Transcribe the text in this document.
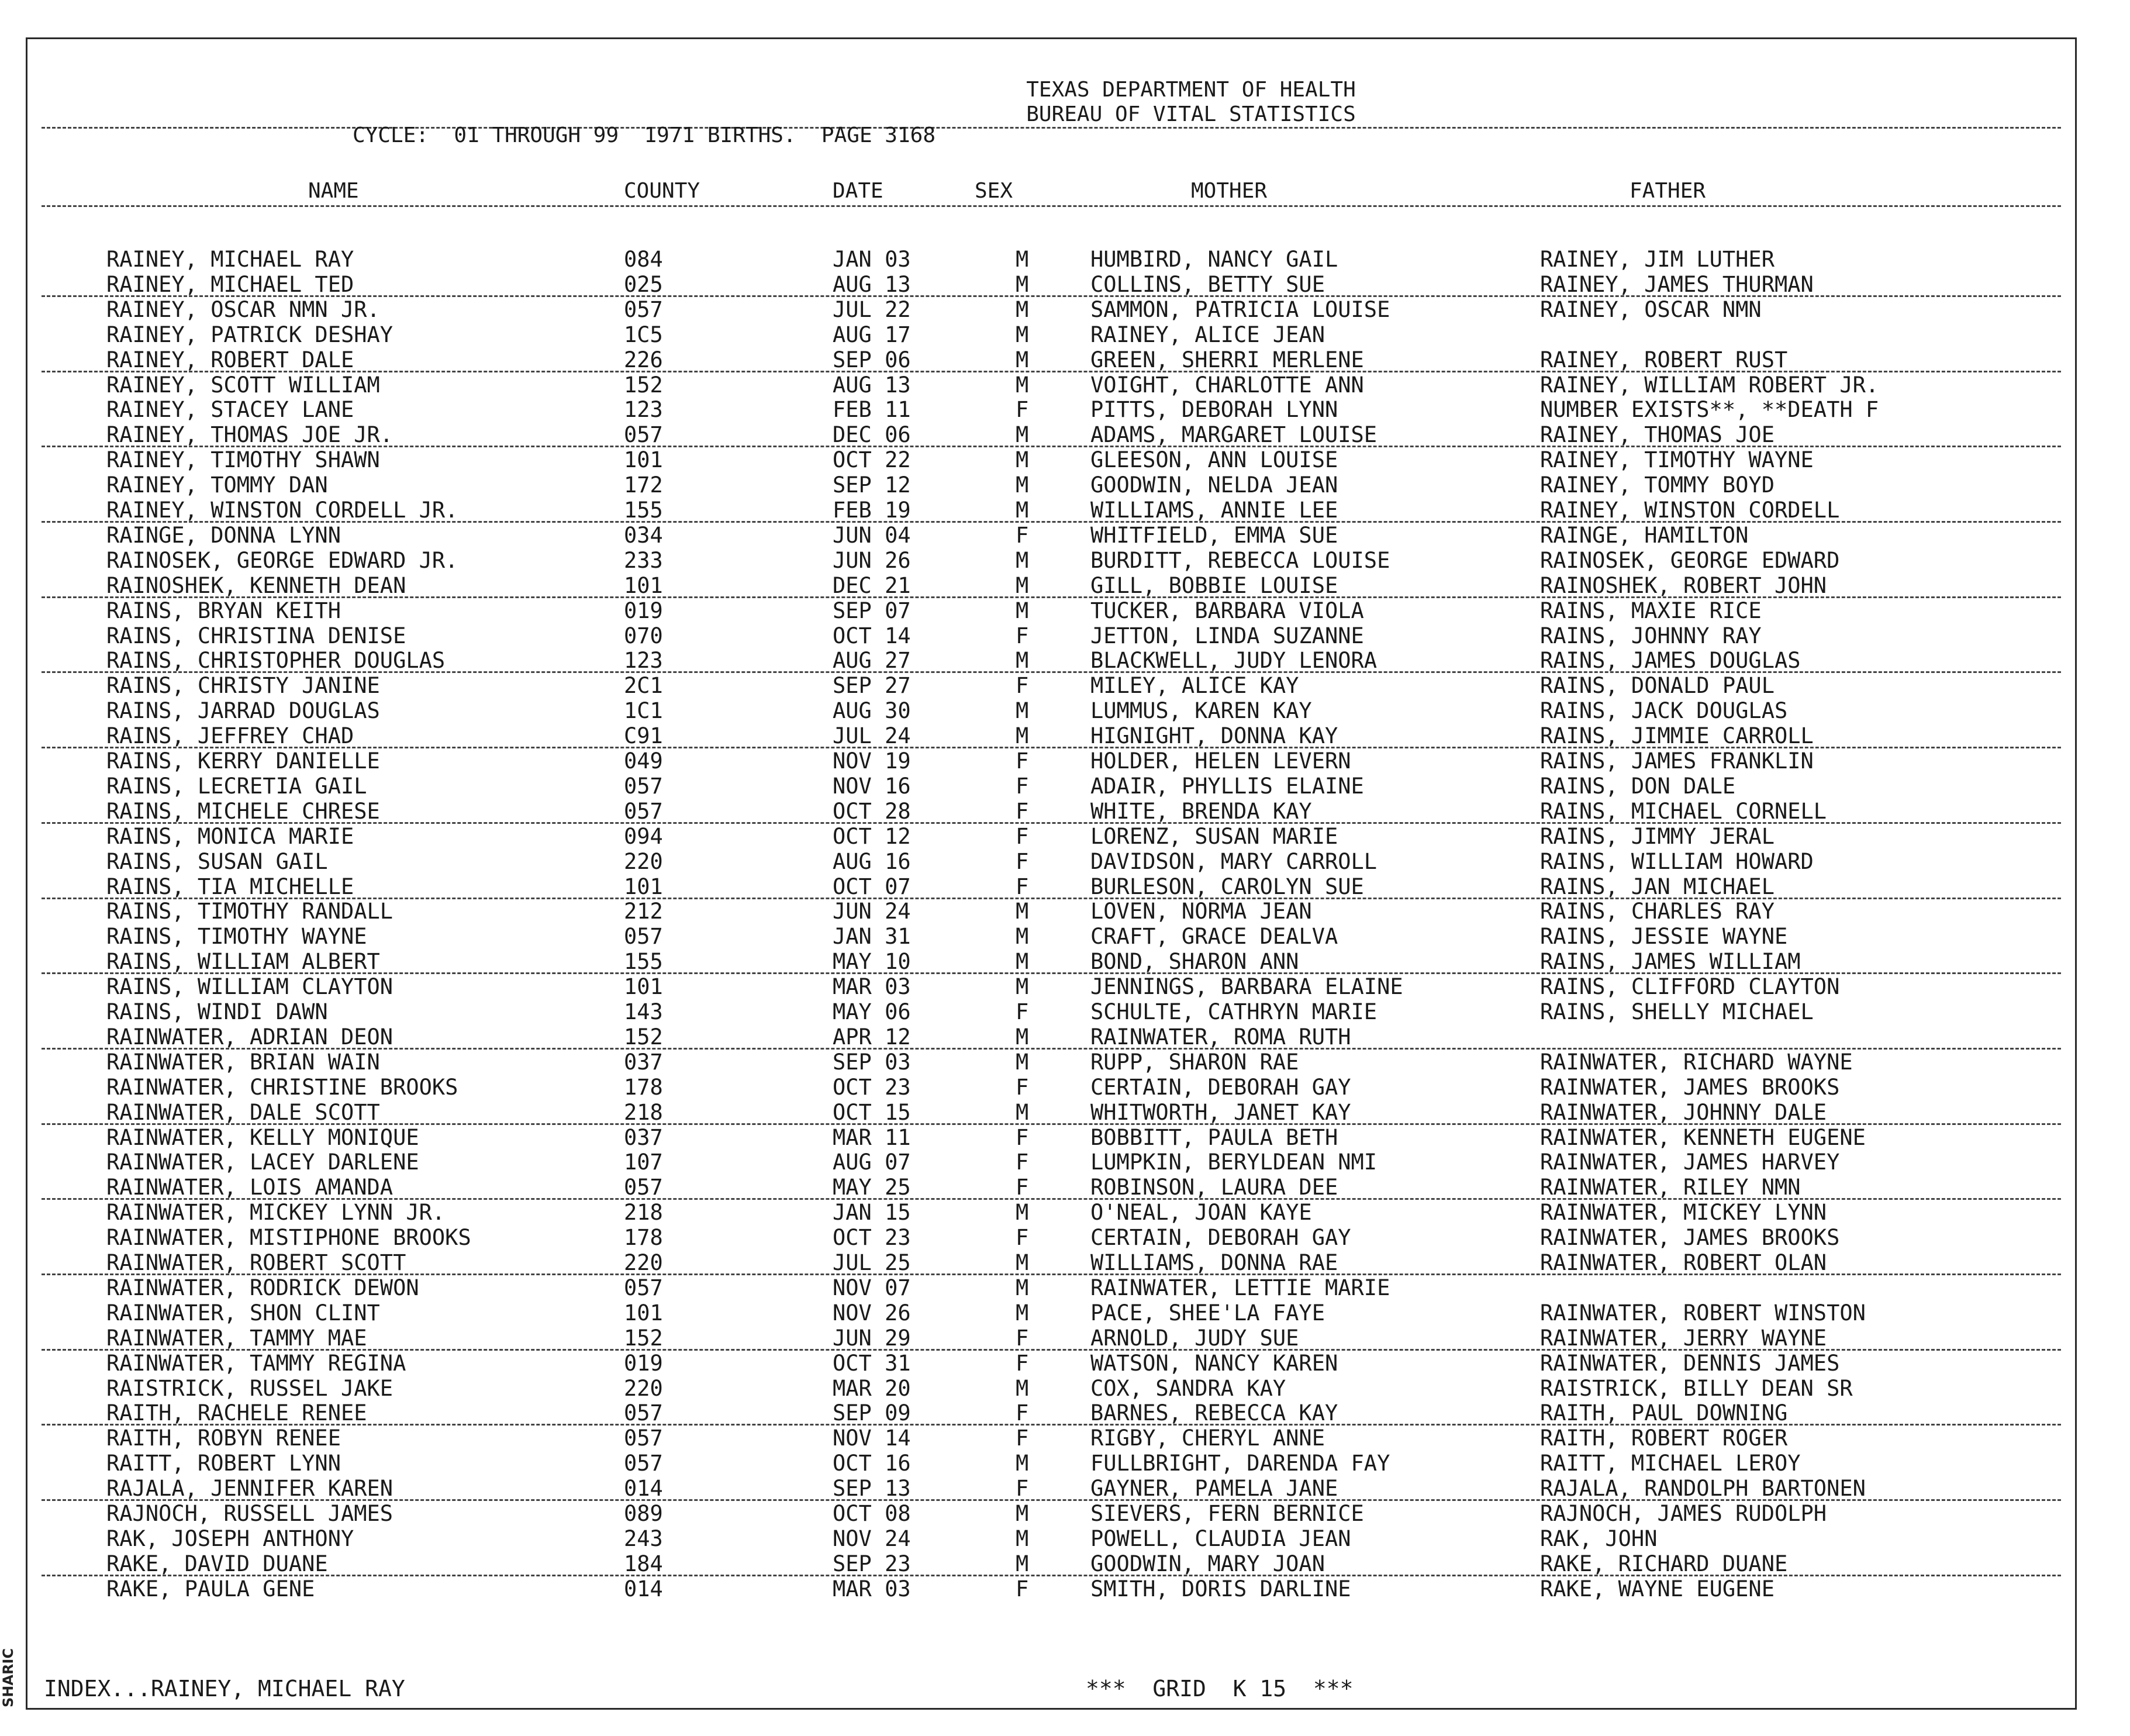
SHARIC
TEXAS DEPARTMENT OF HEALTH
BUREAU OF VITAL STATISTICS
CYCLE:  01 THROUGH 99  1971 BIRTHS.  PAGE 3168
NAME	COUNTY	DATE	SEX	MOTHER	FATHER
RAINEY, MICHAEL RAY	084	JAN 03	M	HUMBIRD, NANCY GAIL	RAINEY, JIM LUTHER
RAINEY, MICHAEL TED	025	AUG 13	M	COLLINS, BETTY SUE	RAINEY, JAMES THURMAN
RAINEY, OSCAR NMN JR.	057	JUL 22	M	SAMMON, PATRICIA LOUISE	RAINEY, OSCAR NMN
RAINEY, PATRICK DESHAY	1C5	AUG 17	M	RAINEY, ALICE JEAN
RAINEY, ROBERT DALE	226	SEP 06	M	GREEN, SHERRI MERLENE	RAINEY, ROBERT RUST
RAINEY, SCOTT WILLIAM	152	AUG 13	M	VOIGHT, CHARLOTTE ANN	RAINEY, WILLIAM ROBERT JR.
RAINEY, STACEY LANE	123	FEB 11	F	PITTS, DEBORAH LYNN	NUMBER EXISTS**, **DEATH F
RAINEY, THOMAS JOE JR.	057	DEC 06	M	ADAMS, MARGARET LOUISE	RAINEY, THOMAS JOE
RAINEY, TIMOTHY SHAWN	101	OCT 22	M	GLEESON, ANN LOUISE	RAINEY, TIMOTHY WAYNE
RAINEY, TOMMY DAN	172	SEP 12	M	GOODWIN, NELDA JEAN	RAINEY, TOMMY BOYD
RAINEY, WINSTON CORDELL JR.	155	FEB 19	M	WILLIAMS, ANNIE LEE	RAINEY, WINSTON CORDELL
RAINGE, DONNA LYNN	034	JUN 04	F	WHITFIELD, EMMA SUE	RAINGE, HAMILTON
RAINOSEK, GEORGE EDWARD JR.	233	JUN 26	M	BURDITT, REBECCA LOUISE	RAINOSEK, GEORGE EDWARD
RAINOSHEK, KENNETH DEAN	101	DEC 21	M	GILL, BOBBIE LOUISE	RAINOSHEK, ROBERT JOHN
RAINS, BRYAN KEITH	019	SEP 07	M	TUCKER, BARBARA VIOLA	RAINS, MAXIE RICE
RAINS, CHRISTINA DENISE	070	OCT 14	F	JETTON, LINDA SUZANNE	RAINS, JOHNNY RAY
RAINS, CHRISTOPHER DOUGLAS	123	AUG 27	M	BLACKWELL, JUDY LENORA	RAINS, JAMES DOUGLAS
RAINS, CHRISTY JANINE	2C1	SEP 27	F	MILEY, ALICE KAY	RAINS, DONALD PAUL
RAINS, JARRAD DOUGLAS	1C1	AUG 30	M	LUMMUS, KAREN KAY	RAINS, JACK DOUGLAS
RAINS, JEFFREY CHAD	C91	JUL 24	M	HIGNIGHT, DONNA KAY	RAINS, JIMMIE CARROLL
RAINS, KERRY DANIELLE	049	NOV 19	F	HOLDER, HELEN LEVERN	RAINS, JAMES FRANKLIN
RAINS, LECRETIA GAIL	057	NOV 16	F	ADAIR, PHYLLIS ELAINE	RAINS, DON DALE
RAINS, MICHELE CHRESE	057	OCT 28	F	WHITE, BRENDA KAY	RAINS, MICHAEL CORNELL
RAINS, MONICA MARIE	094	OCT 12	F	LORENZ, SUSAN MARIE	RAINS, JIMMY JERAL
RAINS, SUSAN GAIL	220	AUG 16	F	DAVIDSON, MARY CARROLL	RAINS, WILLIAM HOWARD
RAINS, TIA MICHELLE	101	OCT 07	F	BURLESON, CAROLYN SUE	RAINS, JAN MICHAEL
RAINS, TIMOTHY RANDALL	212	JUN 24	M	LOVEN, NORMA JEAN	RAINS, CHARLES RAY
RAINS, TIMOTHY WAYNE	057	JAN 31	M	CRAFT, GRACE DEALVA	RAINS, JESSIE WAYNE
RAINS, WILLIAM ALBERT	155	MAY 10	M	BOND, SHARON ANN	RAINS, JAMES WILLIAM
RAINS, WILLIAM CLAYTON	101	MAR 03	M	JENNINGS, BARBARA ELAINE	RAINS, CLIFFORD CLAYTON
RAINS, WINDI DAWN	143	MAY 06	F	SCHULTE, CATHRYN MARIE	RAINS, SHELLY MICHAEL
RAINWATER, ADRIAN DEON	152	APR 12	M	RAINWATER, ROMA RUTH
RAINWATER, BRIAN WAIN	037	SEP 03	M	RUPP, SHARON RAE	RAINWATER, RICHARD WAYNE
RAINWATER, CHRISTINE BROOKS	178	OCT 23	F	CERTAIN, DEBORAH GAY	RAINWATER, JAMES BROOKS
RAINWATER, DALE SCOTT	218	OCT 15	M	WHITWORTH, JANET KAY	RAINWATER, JOHNNY DALE
RAINWATER, KELLY MONIQUE	037	MAR 11	F	BOBBITT, PAULA BETH	RAINWATER, KENNETH EUGENE
RAINWATER, LACEY DARLENE	107	AUG 07	F	LUMPKIN, BERYLDEAN NMI	RAINWATER, JAMES HARVEY
RAINWATER, LOIS AMANDA	057	MAY 25	F	ROBINSON, LAURA DEE	RAINWATER, RILEY NMN
RAINWATER, MICKEY LYNN JR.	218	JAN 15	M	O'NEAL, JOAN KAYE	RAINWATER, MICKEY LYNN
RAINWATER, MISTIPHONE BROOKS	178	OCT 23	F	CERTAIN, DEBORAH GAY	RAINWATER, JAMES BROOKS
RAINWATER, ROBERT SCOTT	220	JUL 25	M	WILLIAMS, DONNA RAE	RAINWATER, ROBERT OLAN
RAINWATER, RODRICK DEWON	057	NOV 07	M	RAINWATER, LETTIE MARIE
RAINWATER, SHON CLINT	101	NOV 26	M	PACE, SHEE'LA FAYE	RAINWATER, ROBERT WINSTON
RAINWATER, TAMMY MAE	152	JUN 29	F	ARNOLD, JUDY SUE	RAINWATER, JERRY WAYNE
RAINWATER, TAMMY REGINA	019	OCT 31	F	WATSON, NANCY KAREN	RAINWATER, DENNIS JAMES
RAISTRICK, RUSSEL JAKE	220	MAR 20	M	COX, SANDRA KAY	RAISTRICK, BILLY DEAN SR
RAITH, RACHELE RENEE	057	SEP 09	F	BARNES, REBECCA KAY	RAITH, PAUL DOWNING
RAITH, ROBYN RENEE	057	NOV 14	F	RIGBY, CHERYL ANNE	RAITH, ROBERT ROGER
RAITT, ROBERT LYNN	057	OCT 16	M	FULLBRIGHT, DARENDA FAY	RAITT, MICHAEL LEROY
RAJALA, JENNIFER KAREN	014	SEP 13	F	GAYNER, PAMELA JANE	RAJALA, RANDOLPH BARTONEN
RAJNOCH, RUSSELL JAMES	089	OCT 08	M	SIEVERS, FERN BERNICE	RAJNOCH, JAMES RUDOLPH
RAK, JOSEPH ANTHONY	243	NOV 24	M	POWELL, CLAUDIA JEAN	RAK, JOHN
RAKE, DAVID DUANE	184	SEP 23	M	GOODWIN, MARY JOAN	RAKE, RICHARD DUANE
RAKE, PAULA GENE	014	MAR 03	F	SMITH, DORIS DARLINE	RAKE, WAYNE EUGENE
INDEX...RAINEY, MICHAEL RAY	***  GRID  K 15  ***
